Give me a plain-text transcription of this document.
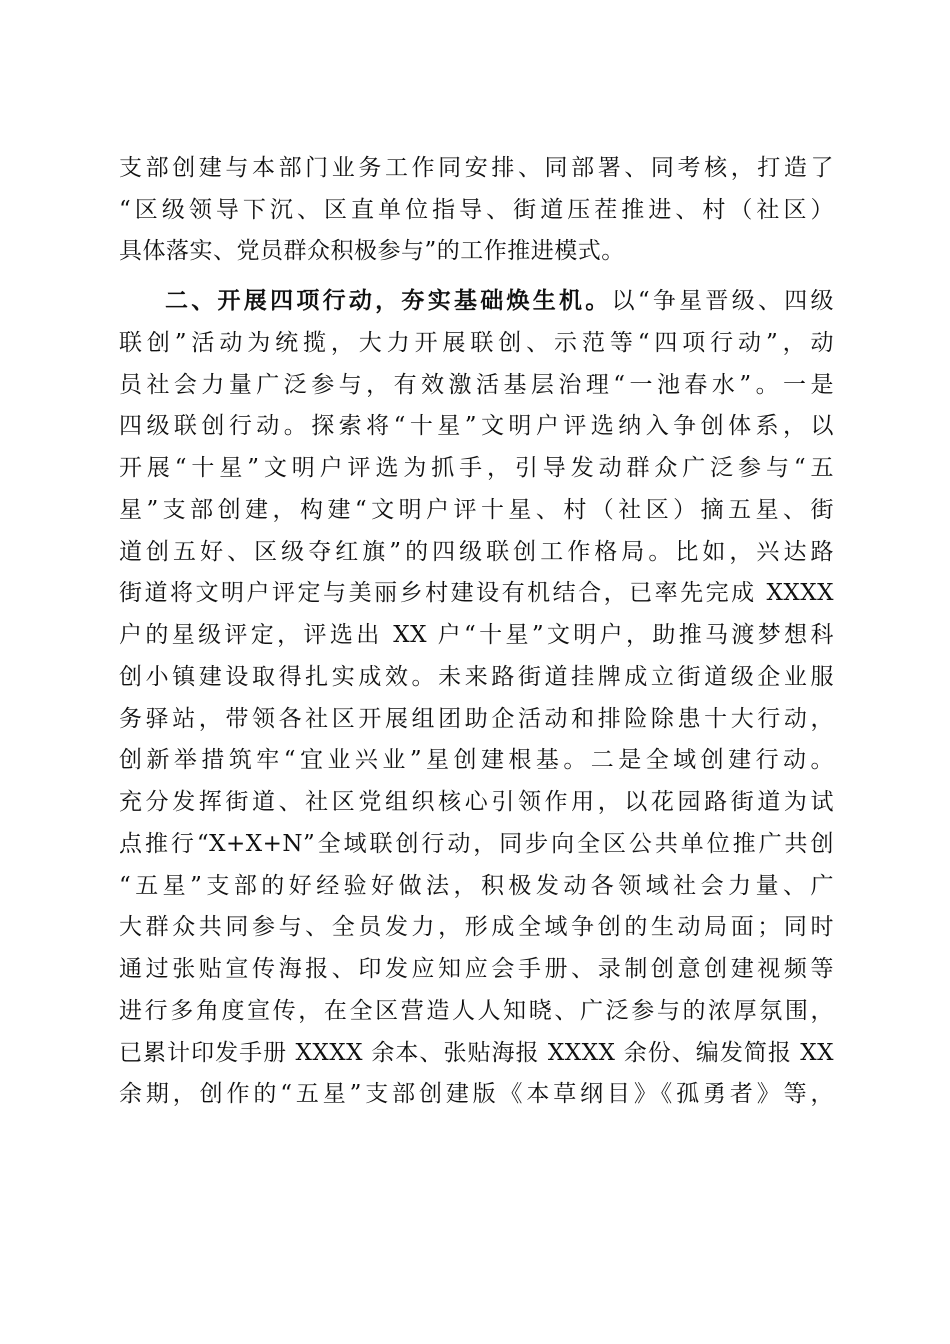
支部创建与本部门业务工作同安排、同部署、同考核，打造了
“区级领导下沉、区直单位指导、街道压茬推进、村（社区）
具体落实、党员群众积极参与”的工作推进模式。
二、开展四项行动，夯实基础焕生机。以“争星晋级、四级
联创”活动为统揽，大力开展联创、示范等“四项行动”，动
员社会力量广泛参与，有效激活基层治理“一池春水”。一是
四级联创行动。探索将“十星”文明户评选纳入争创体系，以
开展“十星”文明户评选为抓手，引导发动群众广泛参与“五
星”支部创建，构建“文明户评十星、村（社区）摘五星、街
道创五好、区级夺红旗”的四级联创工作格局。比如，兴达路
街道将文明户评定与美丽乡村建设有机结合，已率先完成 XXXX
户的星级评定，评选出 XX 户“十星”文明户，助推马渡梦想科
创小镇建设取得扎实成效。未来路街道挂牌成立街道级企业服
务驿站，带领各社区开展组团助企活动和排险除患十大行动，
创新举措筑牢“宜业兴业”星创建根基。二是全域创建行动。
充分发挥街道、社区党组织核心引领作用，以花园路街道为试
点推行“X+X+N”全域联创行动，同步向全区公共单位推广共创
“五星”支部的好经验好做法，积极发动各领域社会力量、广
大群众共同参与、全员发力，形成全域争创的生动局面；同时
通过张贴宣传海报、印发应知应会手册、录制创意创建视频等
进行多角度宣传，在全区营造人人知晓、广泛参与的浓厚氛围，
已累计印发手册 XXXX 余本、张贴海报 XXXX 余份、编发简报 XX
余期，创作的“五星”支部创建版《本草纲目》《孤勇者》等，
